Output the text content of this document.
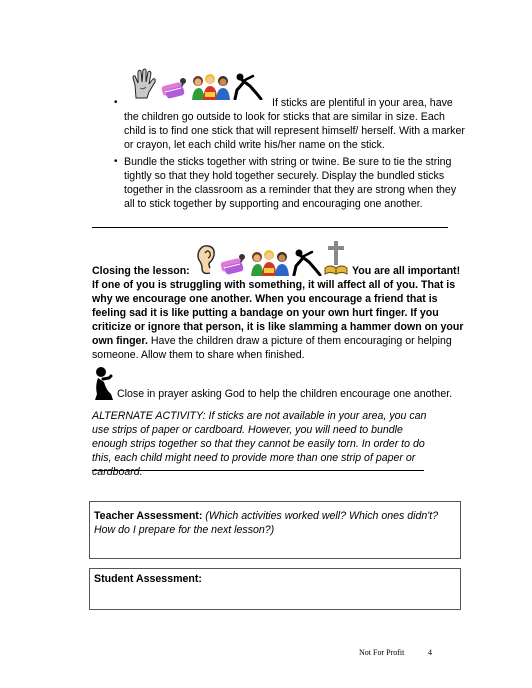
•	If sticks are plentiful in your area, have the children go outside to look for sticks that are similar in size. Each child is to find one stick that will represent himself/ herself. With a marker or crayon, let each child write his/her name on the stick.
• Bundle the sticks together with string or twine. Be sure to tie the string tightly so that they hold together securely. Display the bundled sticks together in the classroom as a reminder that they are strong when they all to stick together by supporting and encouraging one another.
Closing the lesson:	You are all important!
If one of you is struggling with something, it will affect all of you. That is why we encourage one another. When you encourage a friend that is feeling sad it is like putting a bandage on your own hurt finger. If you criticize or ignore that person, it is like slamming a hammer down on your own finger. Have the children draw a picture of them encouraging or helping someone. Allow them to share when finished.
Close in prayer asking God to help the children encourage one another.
ALTERNATE ACTIVITY: If sticks are not available in your area, you can use strips of paper or cardboard. However, you will need to bundle enough strips together so that they cannot be easily torn. In order to do this, each child might need to provide more than one strip of paper or cardboard.
Teacher Assessment: (Which activities worked well? Which ones didn't? How do I prepare for the next lesson?)
Student Assessment:
Not For Profit	4
